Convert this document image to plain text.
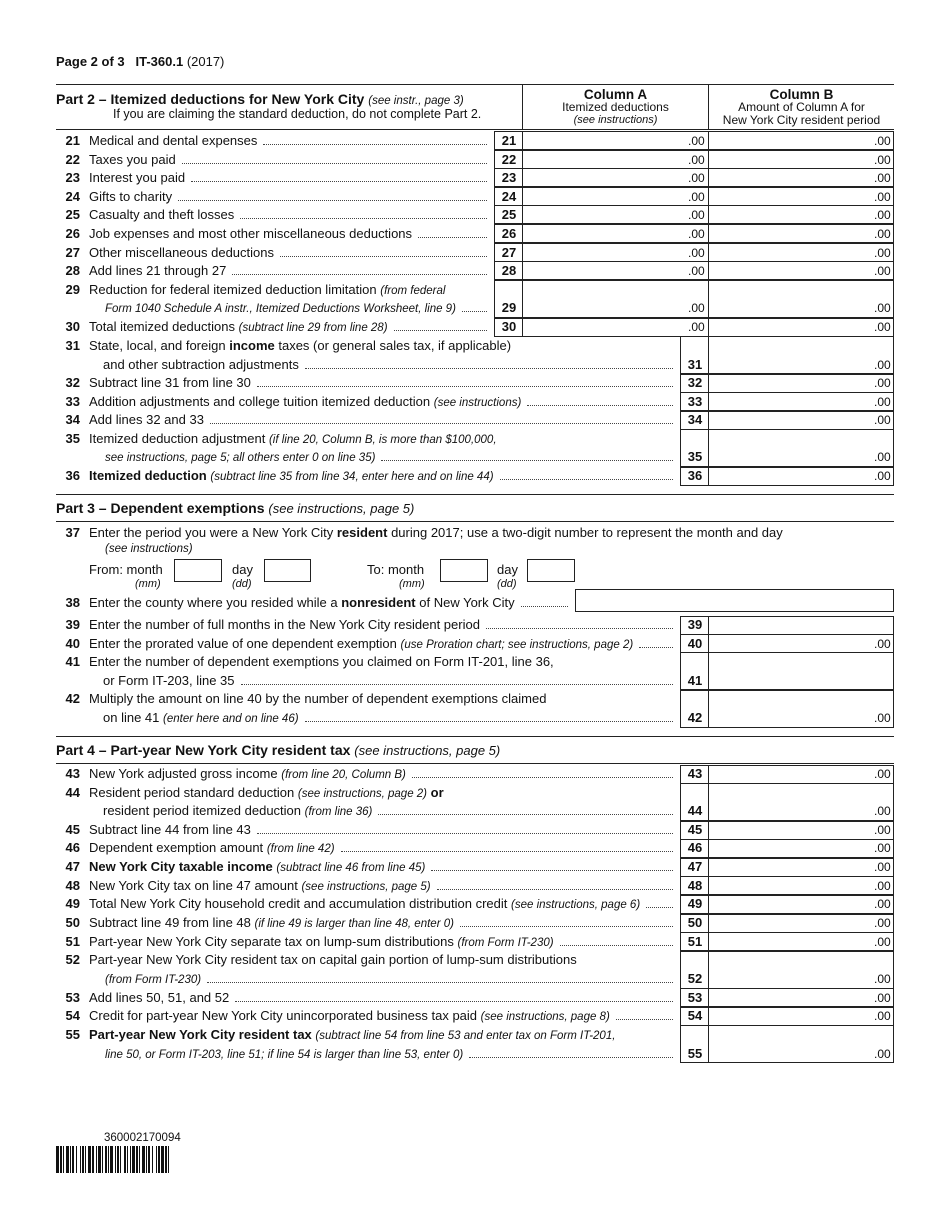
Page 2 of 3 IT-360.1 (2017)
Part 2 – Itemized deductions for New York City (see instr., page 3)
If you are claiming the standard deduction, do not complete Part 2.
Column A
Itemized deductions
(see instructions)
Column B
Amount of Column A for
New York City resident period
21 Medical and dental expenses	21	.00	.00
22 Taxes you paid	22	.00	.00
23 Interest you paid	23	.00	.00
24 Gifts to charity	24	.00	.00
25 Casualty and theft losses	25	.00	.00
26 Job expenses and most other miscellaneous deductions	26	.00	.00
27 Other miscellaneous deductions	27	.00	.00
28 Add lines 21 through 27	28	.00	.00
29 Reduction for federal itemized deduction limitation (from federal
Form 1040 Schedule A instr., Itemized Deductions Worksheet, line 9)	29	.00	.00
30 Total itemized deductions (subtract line 29 from line 28)	30	.00	.00
31 State, local, and foreign income taxes (or general sales tax, if applicable)
and other subtraction adjustments	31	.00
32 Subtract line 31 from line 30	32	.00
33 Addition adjustments and college tuition itemized deduction (see instructions)	33	.00
34 Add lines 32 and 33	34	.00
35 Itemized deduction adjustment (if line 20, Column B, is more than $100,000,
see instructions, page 5; all others enter 0 on line 35)	35	.00
36 Itemized deduction (subtract line 35 from line 34, enter here and on line 44)	36	.00
37 Enter the period you were a New York City resident during 2017; use a two-digit number to represent the month and day
(see instructions)
38 Enter the county where you resided while a nonresident of New York City
39 Enter the number of full months in the New York City resident period	39
40 Enter the prorated value of one dependent exemption (use Proration chart; see instructions, page 2)	40	.00
41 Enter the number of dependent exemptions you claimed on Form IT-201, line 36,
or Form IT-203, line 35	41
42 Multiply the amount on line 40 by the number of dependent exemptions claimed
on line 41 (enter here and on line 46)	42	.00
43 New York adjusted gross income (from line 20, Column B)	43	.00
44 Resident period standard deduction (see instructions, page 2) or
resident period itemized deduction (from line 36)	44	.00
45 Subtract line 44 from line 43	45	.00
46 Dependent exemption amount (from line 42)	46	.00
47 New York City taxable income (subtract line 46 from line 45)	47	.00
48 New York City tax on line 47 amount (see instructions, page 5)	48	.00
49 Total New York City household credit and accumulation distribution credit (see instructions, page 6)	49	.00
50 Subtract line 49 from line 48 (if line 49 is larger than line 48, enter 0)	50	.00
51 Part-year New York City separate tax on lump-sum distributions (from Form IT-230)	51	.00
52 Part-year New York City resident tax on capital gain portion of lump-sum distributions
(from Form IT-230)	52	.00
53 Add lines 50, 51, and 52	53	.00
54 Credit for part-year New York City unincorporated business tax paid (see instructions, page 8)	54	.00
55 Part-year New York City resident tax (subtract line 54 from line 53 and enter tax on Form IT-201,
line 50, or Form IT-203, line 51; if line 54 is larger than line 53, enter 0)	55	.00
Part 3 – Dependent exemptions (see instructions, page 5)
From: month
(mm)
day
(dd)
To: month
(mm)
day
(dd)
Part 4 – Part-year New York City resident tax (see instructions, page 5)
360002170094
